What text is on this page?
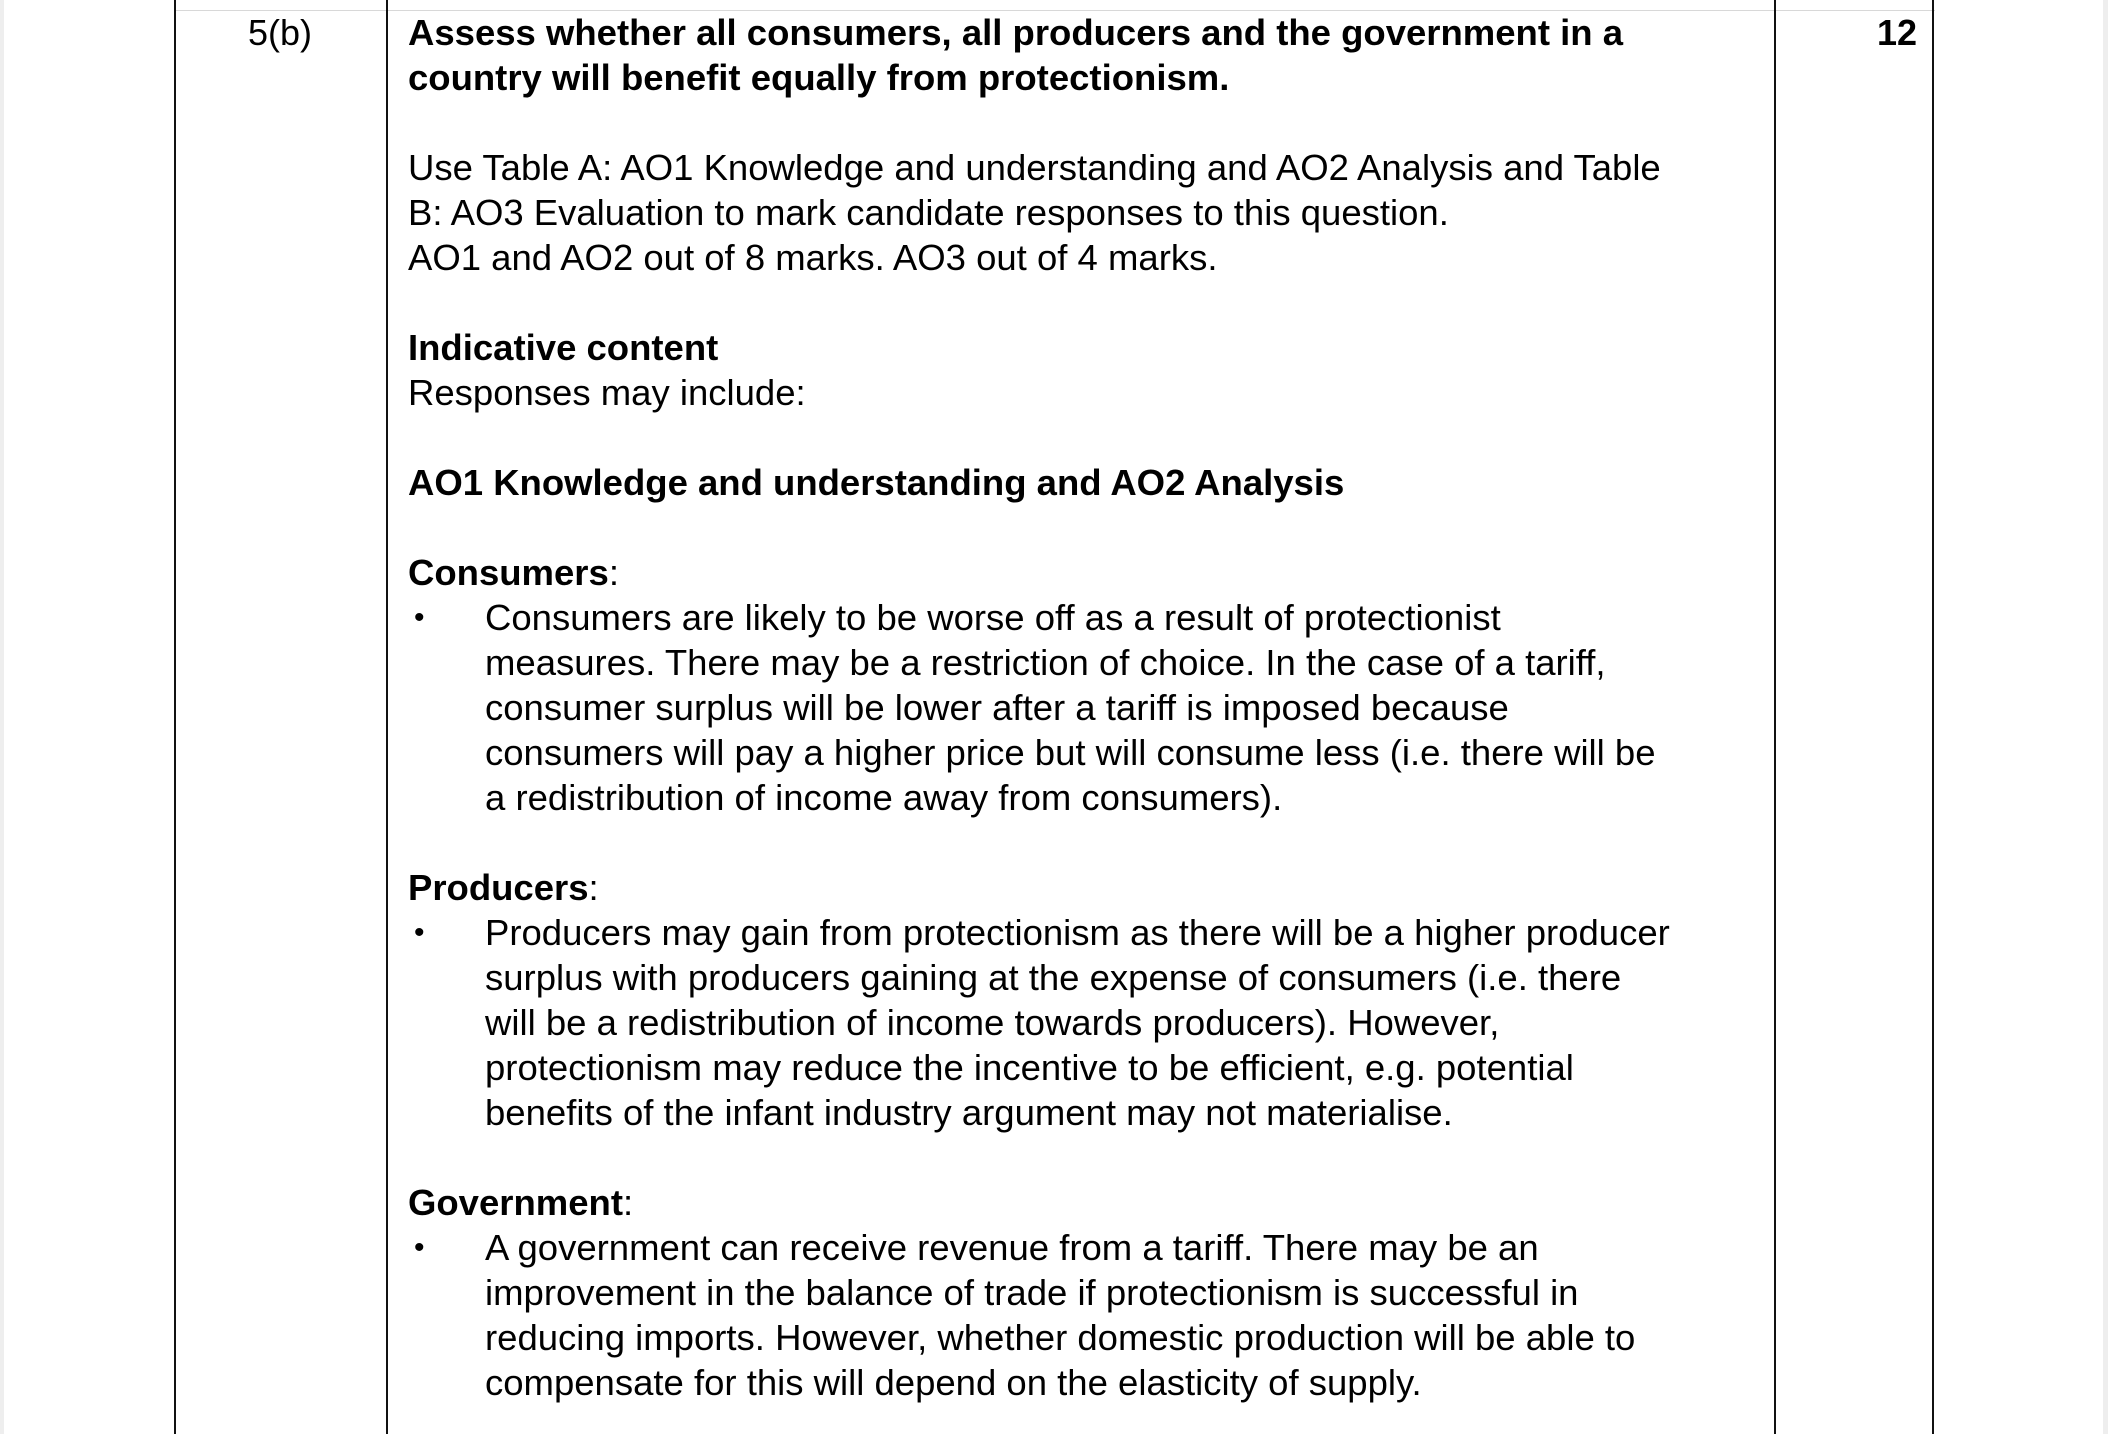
5(b)	12

Assess whether all consumers, all producers and the government in a

country will benefit equally from protectionism.

Use Table A: AO1 Knowledge and understanding and AO2 Analysis and Table

B: AO3 Evaluation to mark candidate responses to this question.

AO1 and AO2 out of 8 marks. AO3 out of 4 marks.

Indicative content

Responses may include:

AO1 Knowledge and understanding and AO2 Analysis

Consumers:

•	Consumers are likely to be worse off as a result of protectionist

measures. There may be a restriction of choice. In the case of a tariff,

consumer surplus will be lower after a tariff is imposed because

consumers will pay a higher price but will consume less (i.e. there will be

a redistribution of income away from consumers).

Producers:

•	Producers may gain from protectionism as there will be a higher producer

surplus with producers gaining at the expense of consumers (i.e. there

will be a redistribution of income towards producers). However,

protectionism may reduce the incentive to be efficient, e.g. potential

benefits of the infant industry argument may not materialise.

Government:

•	A government can receive revenue from a tariff. There may be an

improvement in the balance of trade if protectionism is successful in

reducing imports. However, whether domestic production will be able to

compensate for this will depend on the elasticity of supply.
